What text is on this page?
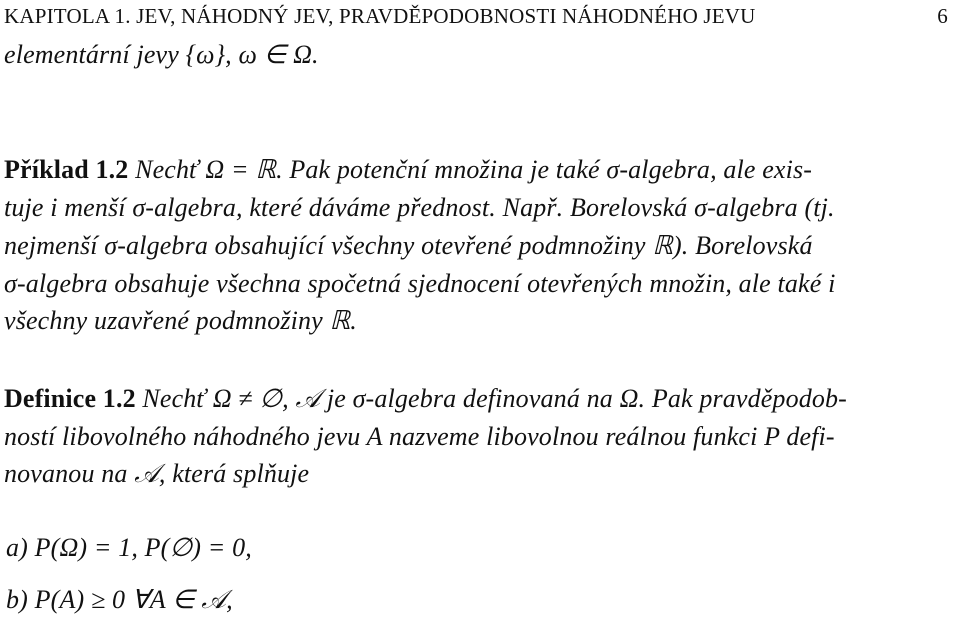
KAPITOLA 1. JEV, NÁHODNÝ JEV, PRAVDĚPODOBNOSTI NÁHODNÉHO JEVU	6
elementární jevy {ω}, ω ∈ Ω.
Příklad 1.2 Nechť Ω = ℝ. Pak potenční množina je také σ-algebra, ale exis-
tuje i menší σ-algebra, které dáváme přednost. Např. Borelovská σ-algebra (tj.
nejmenší σ-algebra obsahující všechny otevřené podmnožiny ℝ). Borelovská
σ-algebra obsahuje všechna spočetná sjednocení otevřených množin, ale také i
všechny uzavřené podmnožiny ℝ.
Definice 1.2 Nechť Ω ≠ ∅, 𝒜 je σ-algebra definovaná na Ω. Pak pravděpodob-
ností libovolného náhodného jevu A nazveme libovolnou reálnou funkci P defi-
novanou na 𝒜, která splňuje
a) P(Ω) = 1, P(∅) = 0,
b) P(A) ≥ 0 ∀A ∈ 𝒜,
